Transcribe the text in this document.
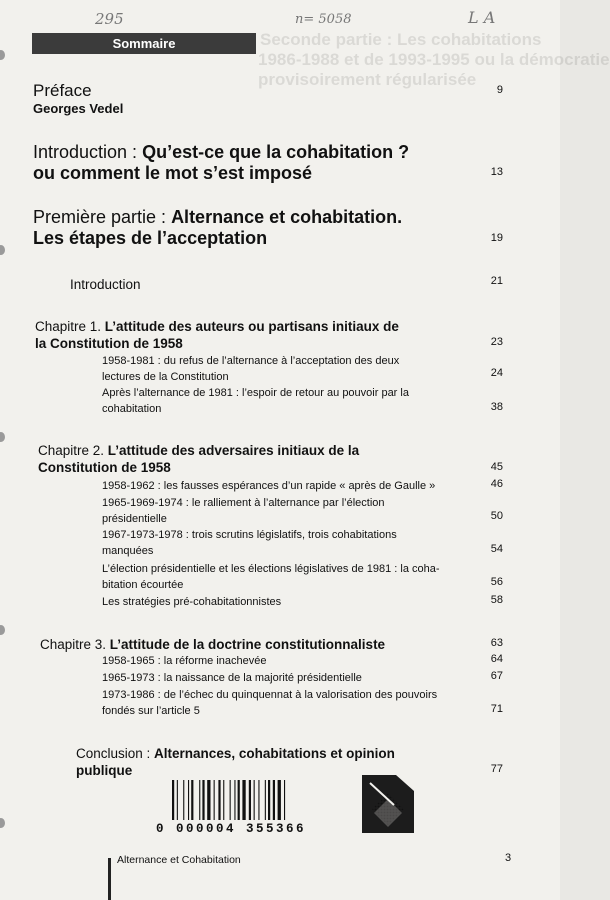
Seconde partie : Les cohabitations
1986-1988 et de 1993-1995 ou la démocratie
provisoirement régularisée
295	n= 5058	L A
Sommaire
Préface
Georges Vedel
9
Introduction : Qu’est-ce que la cohabitation ?
ou comment le mot s’est imposé	13
Première partie : Alternance et cohabitation.
Les étapes de l’acceptation	19
Introduction	21
Chapitre 1. L’attitude des auteurs ou partisans initiaux de
la Constitution de 1958	23
1958-1981 : du refus de l’alternance à l’acceptation des deux
lectures de la Constitution	24
Après l’alternance de 1981 : l’espoir de retour au pouvoir par la
cohabitation	38
Chapitre 2. L’attitude des adversaires initiaux de la
Constitution de 1958	45
1958-1962 : les fausses espérances d’un rapide « après de Gaulle »	46
1965-1969-1974 : le ralliement à l’alternance par l’élection
présidentielle	50
1967-1973-1978 : trois scrutins législatifs, trois cohabitations
manquées	54
L’élection présidentielle et les élections législatives de 1981 : la coha-
bitation écourtée	56
Les stratégies pré-cohabitationnistes	58
Chapitre 3. L’attitude de la doctrine constitutionnaliste	63
1958-1965 : la réforme inachevée	64
1965-1973 : la naissance de la majorité présidentielle	67
1973-1986 : de l’échec du quinquennat à la valorisation des pouvoirs
fondés sur l’article 5	71
Conclusion : Alternances, cohabitations et opinion
publique	77
0 000004 355366
Alternance et Cohabitation	3
